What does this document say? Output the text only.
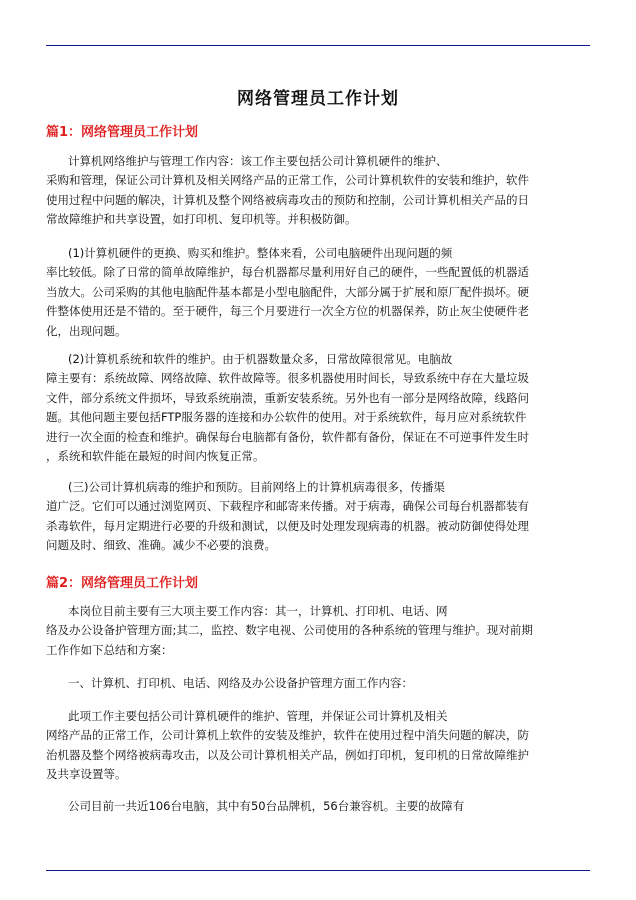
网络管理员工作计划
篇1：网络管理员工作计划

计算机网络维护与管理工作内容：该工作主要包括公司计算机硬件的维护、
采购和管理，保证公司计算机及相关网络产品的正常工作，公司计算机软件的安装和维护，软件
使用过程中问题的解决，计算机及整个网络被病毒攻击的预防和控制，公司计算机相关产品的日
常故障维护和共享设置，如打印机、复印机等。并积极防御。

(1)计算机硬件的更换、购买和维护。整体来看，公司电脑硬件出现问题的频
率比较低。除了日常的简单故障维护，每台机器都尽量利用好自己的硬件，一些配置低的机器适
当放大。公司采购的其他电脑配件基本都是小型电脑配件，大部分属于扩展和原厂配件损坏。硬
件整体使用还是不错的。至于硬件，每三个月要进行一次全方位的机器保养，防止灰尘使硬件老
化，出现问题。

(2)计算机系统和软件的维护。由于机器数量众多，日常故障很常见。电脑故
障主要有：系统故障、网络故障、软件故障等。很多机器使用时间长，导致系统中存在大量垃圾
文件，部分系统文件损坏，导致系统崩溃，重新安装系统。另外也有一部分是网络故障，线路问
题。其他问题主要包括FTP服务器的连接和办公软件的使用。对于系统软件，每月应对系统软件
进行一次全面的检查和维护。确保每台电脑都有备份，软件都有备份，保证在不可逆事件发生时
，系统和软件能在最短的时间内恢复正常。

(三)公司计算机病毒的维护和预防。目前网络上的计算机病毒很多，传播渠
道广泛。它们可以通过浏览网页、下载程序和邮寄来传播。对于病毒，确保公司每台机器都装有
杀毒软件，每月定期进行必要的升级和测试，以便及时处理发现病毒的机器。被动防御使得处理
问题及时、细致、准确。减少不必要的浪费。

篇2：网络管理员工作计划

本岗位目前主要有三大项主要工作内容：其一，计算机、打印机、电话、网
络及办公设备护管理方面;其二，监控、数字电视、公司使用的各种系统的管理与维护。现对前期
工作作如下总结和方案：

一、计算机、打印机、电话、网络及办公设备护管理方面工作内容：

此项工作主要包括公司计算机硬件的维护、管理，并保证公司计算机及相关
网络产品的正常工作，公司计算机上软件的安装及维护，软件在使用过程中消失问题的解决，防
治机器及整个网络被病毒攻击，以及公司计算机相关产品，例如打印机，复印机的日常故障维护
及共享设置等。

公司目前一共近106台电脑，其中有50台品牌机，56台兼容机。主要的故障有
